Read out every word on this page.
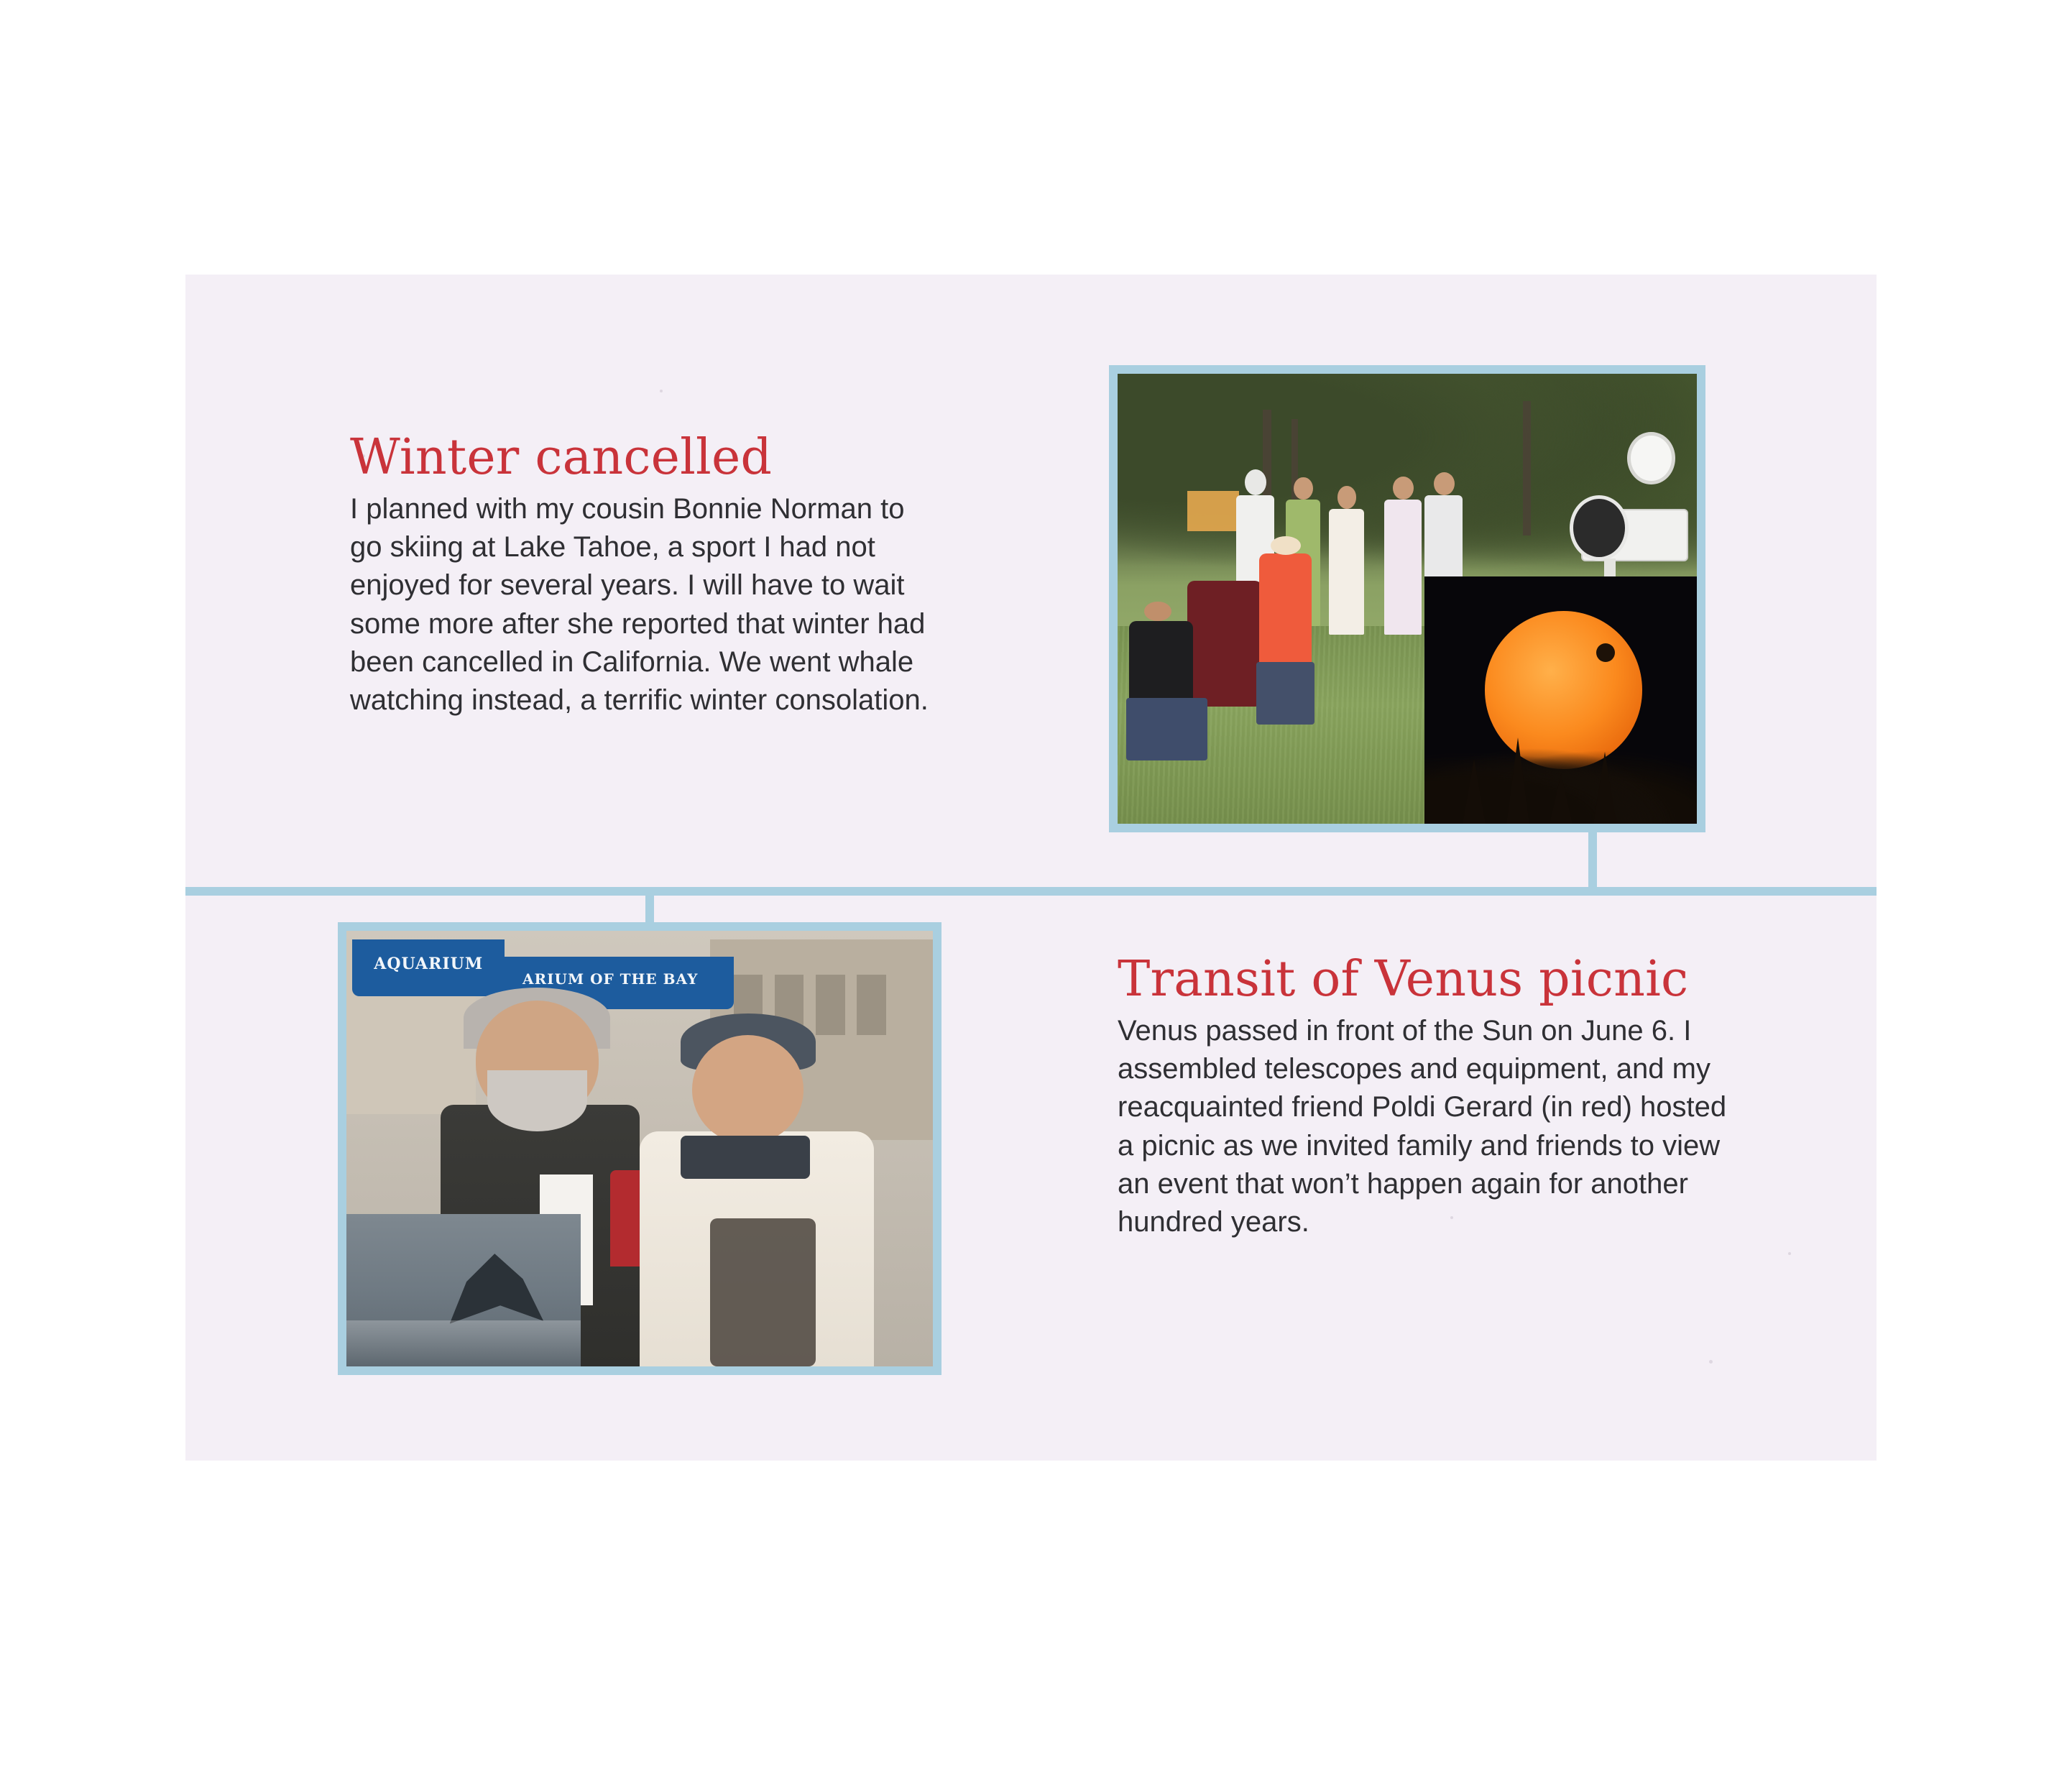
Winter cancelled

I planned with my cousin Bonnie Norman to go skiing at Lake Tahoe, a sport I had not enjoyed for several years. I will have to wait some more after she reported that winter had been cancelled in California. We went whale watching instead, a terrific winter consolation.

Transit of Venus picnic

Venus passed in front of the Sun on June 6. I assembled telescopes and equipment, and my reacquainted friend Poldi Gerard (in red) hosted a picnic as we invited family and friends to view an event that won’t happen again for another hundred years.

AQUARIUM
ARIUM OF THE BAY
